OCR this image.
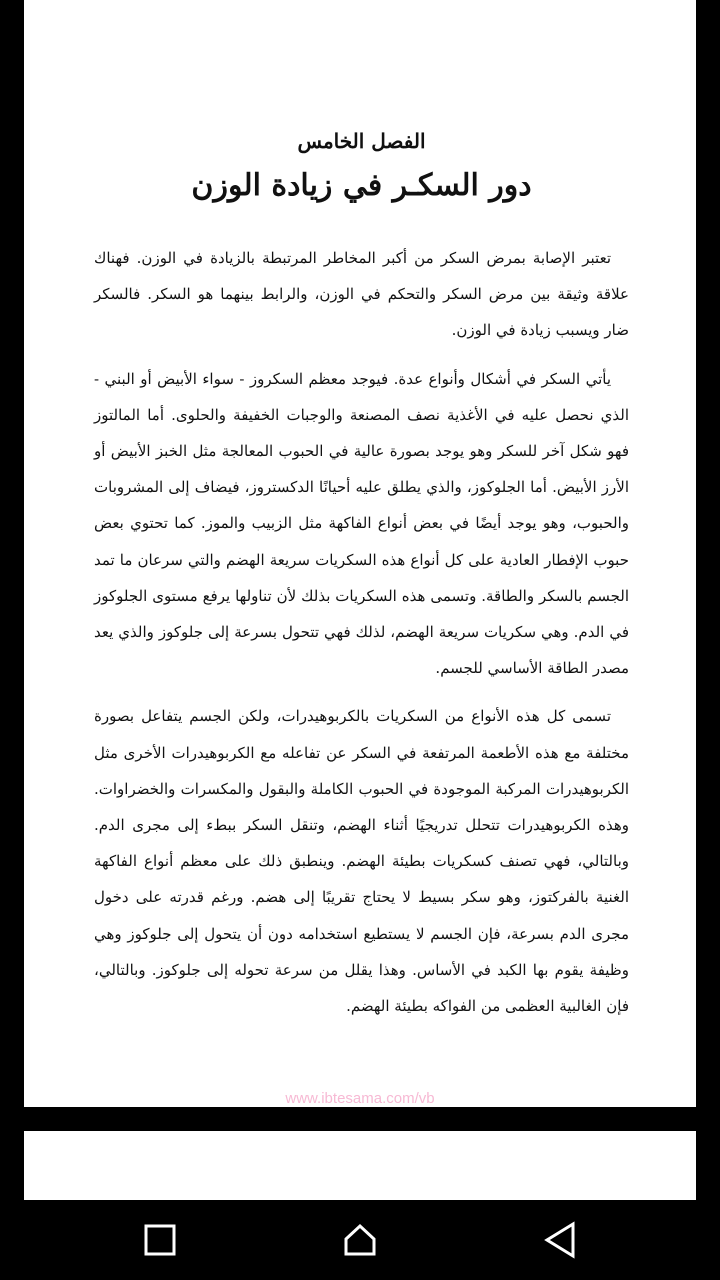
الفصل الخامس
دور السكـر في زيادة الوزن

تعتبر الإصابة بمرض السكر من أكبر المخاطر المرتبطة بالزيادة في الوزن. فهناك علاقة وثيقة بين مرض السكر والتحكم في الوزن، والرابط بينهما هو السكر. فالسكر ضار ويسبب زيادة في الوزن.

يأتي السكر في أشكال وأنواع عدة. فيوجد معظم السكروز - سواء الأبيض أو البني - الذي نحصل عليه في الأغذية نصف المصنعة والوجبات الخفيفة والحلوى. أما المالتوز فهو شكل آخر للسكر وهو يوجد بصورة عالية في الحبوب المعالجة مثل الخبز الأبيض أو الأرز الأبيض. أما الجلوكوز، والذي يطلق عليه أحيانًا الدكستروز، فيضاف إلى المشروبات والحبوب، وهو يوجد أيضًا في بعض أنواع الفاكهة مثل الزبيب والموز. كما تحتوي بعض حبوب الإفطار العادية على كل أنواع هذه السكريات سريعة الهضم والتي سرعان ما تمد الجسم بالسكر والطاقة. وتسمى هذه السكريات بذلك لأن تناولها يرفع مستوى الجلوكوز في الدم. وهي سكريات سريعة الهضم، لذلك فهي تتحول بسرعة إلى جلوكوز والذي يعد مصدر الطاقة الأساسي للجسم.

تسمى كل هذه الأنواع من السكريات بالكربوهيدرات، ولكن الجسم يتفاعل بصورة مختلفة مع هذه الأطعمة المرتفعة في السكر عن تفاعله مع الكربوهيدرات الأخرى مثل الكربوهيدرات المركبة الموجودة في الحبوب الكاملة والبقول والمكسرات والخضراوات. وهذه الكربوهيدرات تتحلل تدريجيًا أثناء الهضم، وتنقل السكر ببطء إلى مجرى الدم. وبالتالي، فهي تصنف كسكريات بطيئة الهضم. وينطبق ذلك على معظم أنواع الفاكهة الغنية بالفركتوز، وهو سكر بسيط لا يحتاج تقريبًا إلى هضم. ورغم قدرته على دخول مجرى الدم بسرعة، فإن الجسم لا يستطيع استخدامه دون أن يتحول إلى جلوكوز وهي وظيفة يقوم بها الكبد في الأساس. وهذا يقلل من سرعة تحوله إلى جلوكوز. وبالتالي، فإن الغالبية العظمى من الفواكه بطيئة الهضم.

www.ibtesama.com/vb
